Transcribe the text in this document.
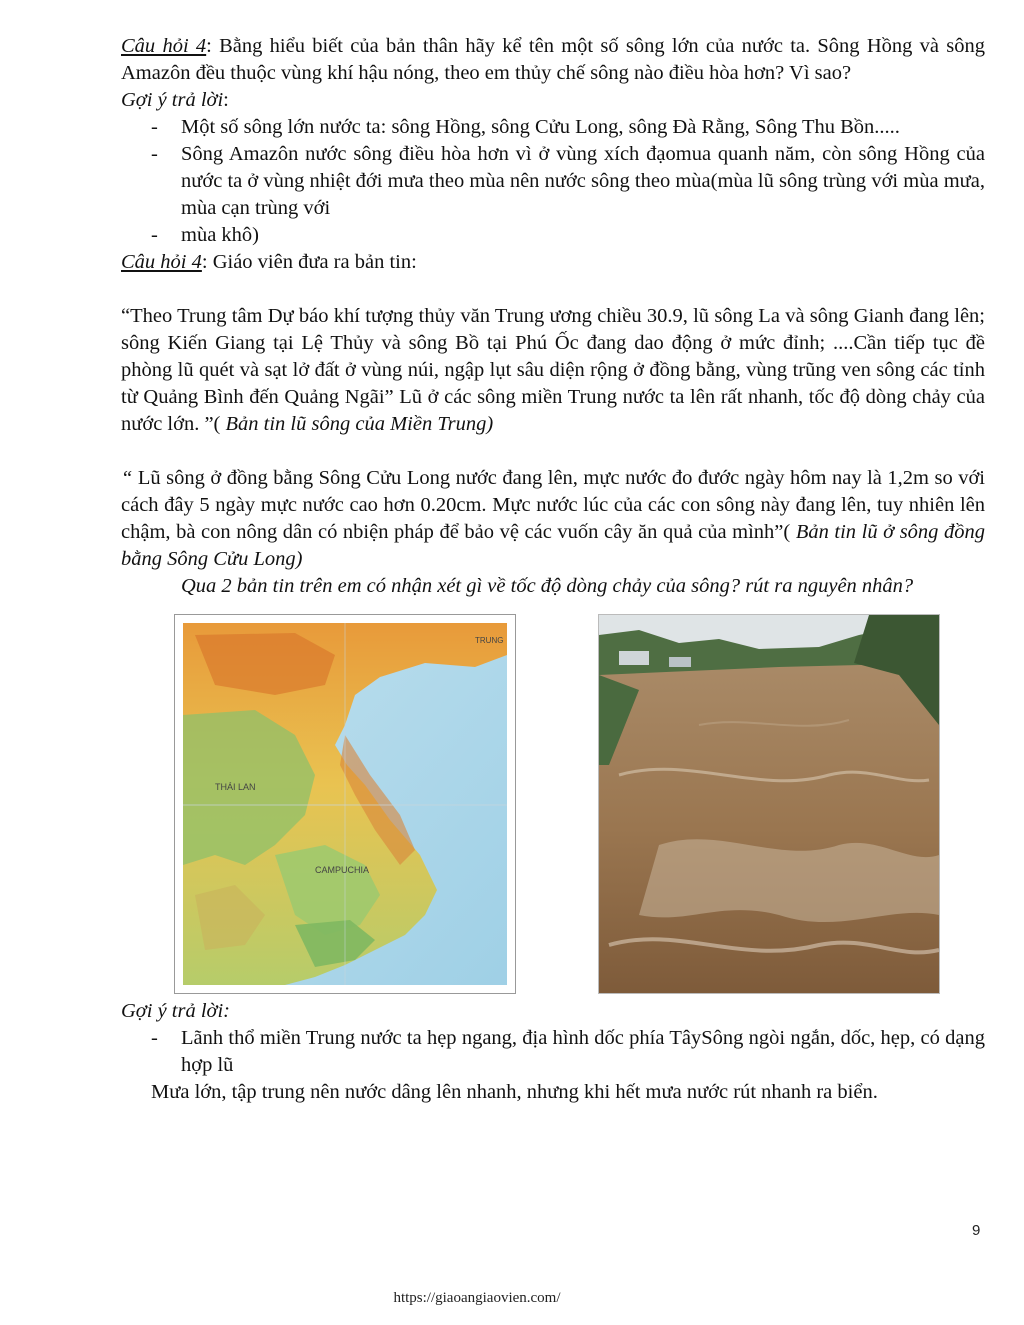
Câu hỏi 4: Bằng hiểu biết của bản thân hãy kể tên một số sông lớn của nước ta. Sông Hồng và sông Amazôn đều thuộc vùng khí hậu nóng, theo em thủy chế sông nào điều hòa hơn? Vì sao?

Gợi ý trả lời:

- Một số sông lớn nước ta: sông Hồng, sông Cửu Long, sông Đà Rằng, Sông Thu Bồn.....
- Sông Amazôn nước sông điều hòa hơn vì ở vùng xích đạomua quanh năm, còn sông Hồng của nước ta ở vùng nhiệt đới mưa theo mùa nên nước sông theo mùa(mùa lũ sông trùng với mùa mưa, mùa cạn trùng với
- mùa khô)

Câu hỏi 4: Giáo viên đưa ra bản tin:

“Theo Trung tâm Dự báo khí tượng thủy văn Trung ương chiều 30.9, lũ sông La và sông Gianh đang lên; sông Kiến Giang tại Lệ Thủy và sông Bồ tại Phú Ốc đang dao động ở mức đỉnh; ....Cần tiếp tục đề phòng lũ quét và sạt lở đất ở vùng núi, ngập lụt sâu diện rộng ở đồng bằng, vùng trũng ven sông các tỉnh từ Quảng Bình đến Quảng Ngãi” Lũ ở các sông miền Trung nước ta lên rất nhanh, tốc độ dòng chảy của nước lớn. ”( Bản tin lũ sông của Miền Trung)

“ Lũ sông ở đồng bằng Sông Cửu Long nước đang lên, mực nước đo đước ngày hôm nay là 1,2m so với cách đây 5 ngày mực nước cao hơn 0.20cm. Mực nước lúc của các con sông này đang lên, tuy nhiên lên chậm, bà con nông dân có nbiện pháp để bảo vệ các vuốn cây ăn quả của mình”( Bản tin lũ ở sông đồng bằng Sông Cửu Long)

Qua 2 bản tin trên em có nhận xét gì về tốc độ dòng chảy của sông? rút ra nguyên nhân?

THÁI LAN
CAMPUCHIA
TRUNG

Gợi ý trả lời:

- Lãnh thổ miền Trung nước ta hẹp ngang, địa hình dốc phía TâySông ngòi ngắn, dốc, hẹp, có dạng hợp lũ

Mưa lớn, tập trung nên nước dâng lên nhanh, nhưng khi hết mưa nước rút nhanh ra biển.

9
https://giaoangiaovien.com/
